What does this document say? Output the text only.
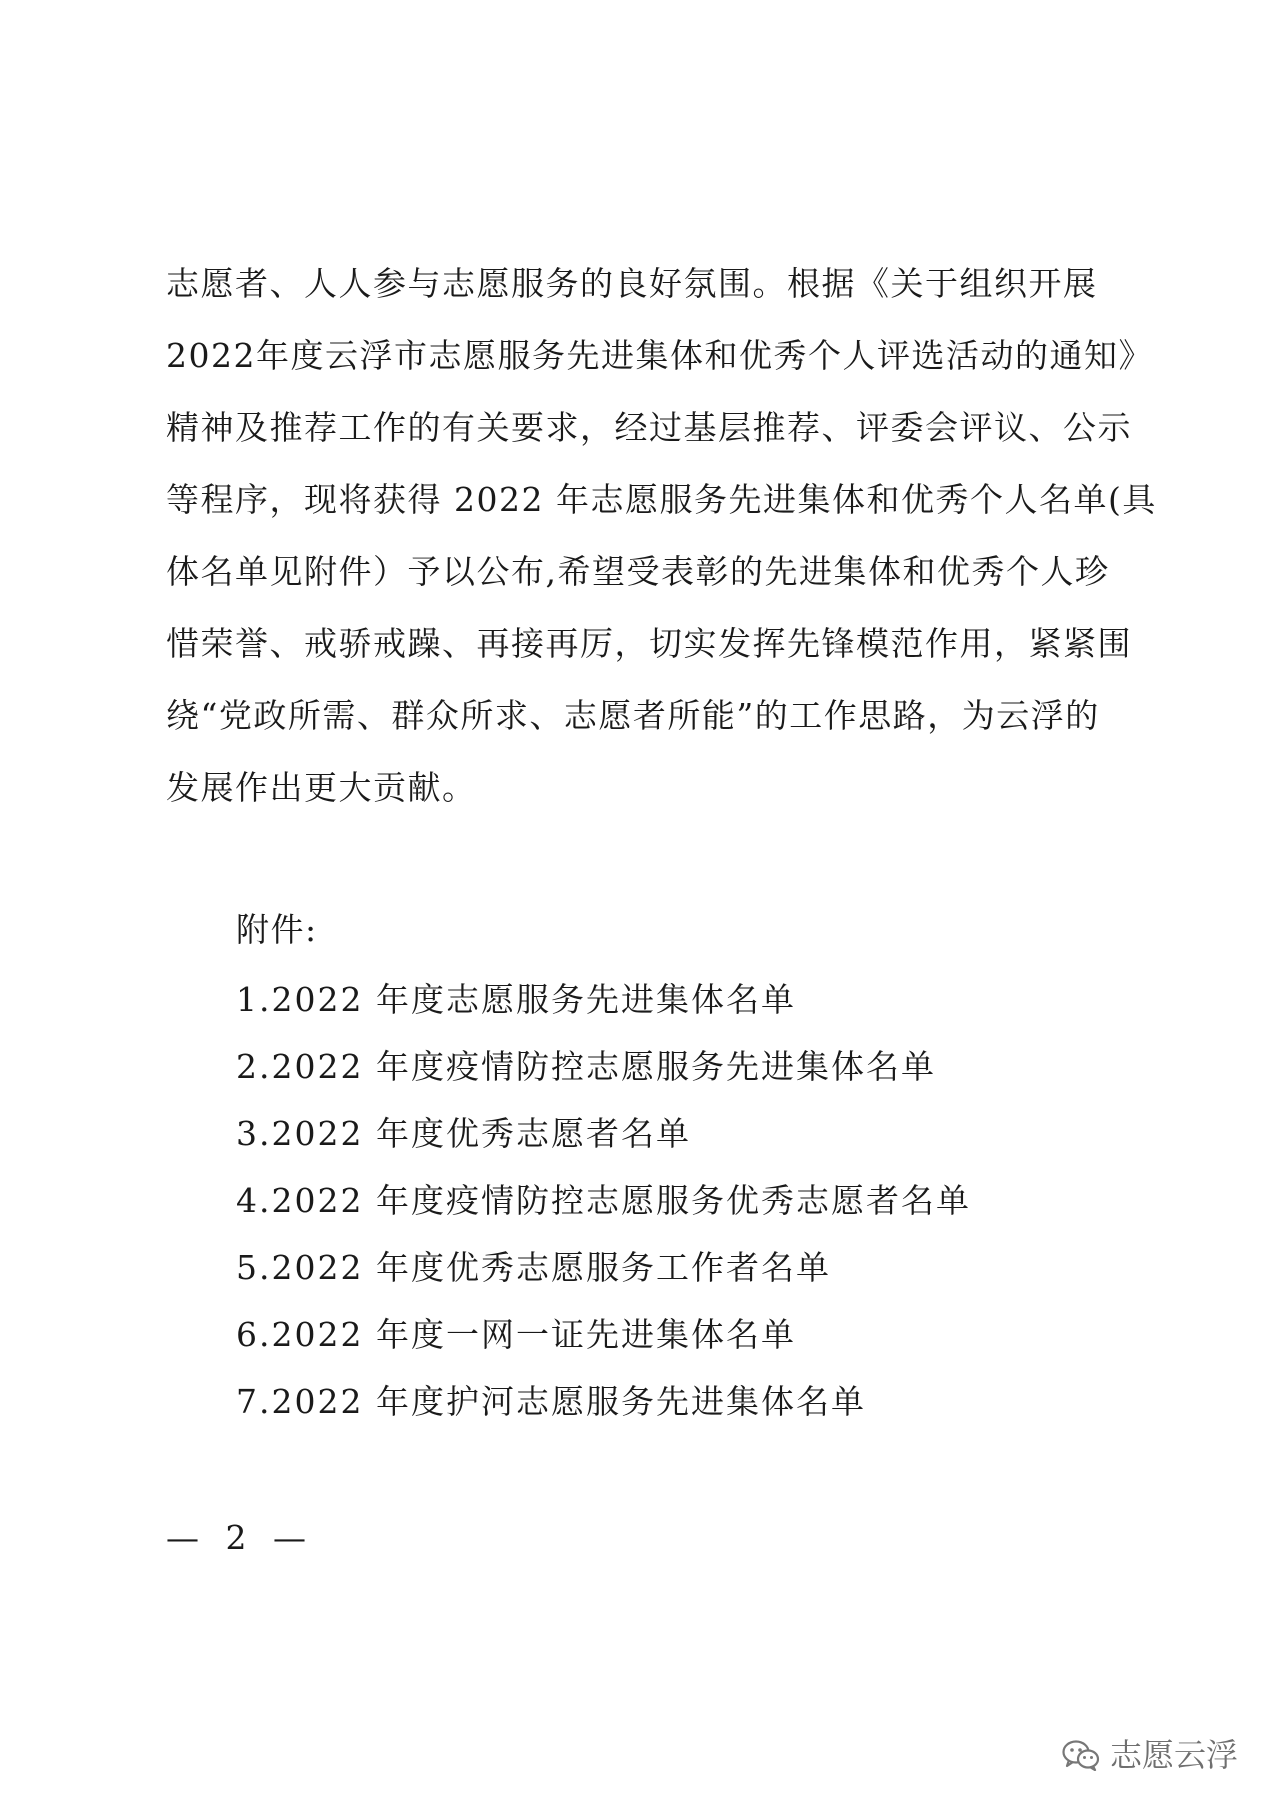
志愿者、人人参与志愿服务的良好氛围。根据《关于组织开展
2022年度云浮市志愿服务先进集体和优秀个人评选活动的通知》
精神及推荐工作的有关要求，经过基层推荐、评委会评议、公示
等程序，现将获得 2022 年志愿服务先进集体和优秀个人名单(具
体名单见附件）予以公布,希望受表彰的先进集体和优秀个人珍
惜荣誉、戒骄戒躁、再接再厉，切实发挥先锋模范作用，紧紧围
绕“党政所需、群众所求、志愿者所能”的工作思路，为云浮的
发展作出更大贡献。
附件:
1.2022 年度志愿服务先进集体名单
2.2022 年度疫情防控志愿服务先进集体名单
3.2022 年度优秀志愿者名单
4.2022 年度疫情防控志愿服务优秀志愿者名单
5.2022 年度优秀志愿服务工作者名单
6.2022 年度一网一证先进集体名单
7.2022 年度护河志愿服务先进集体名单
— 2 —
志愿云浮
